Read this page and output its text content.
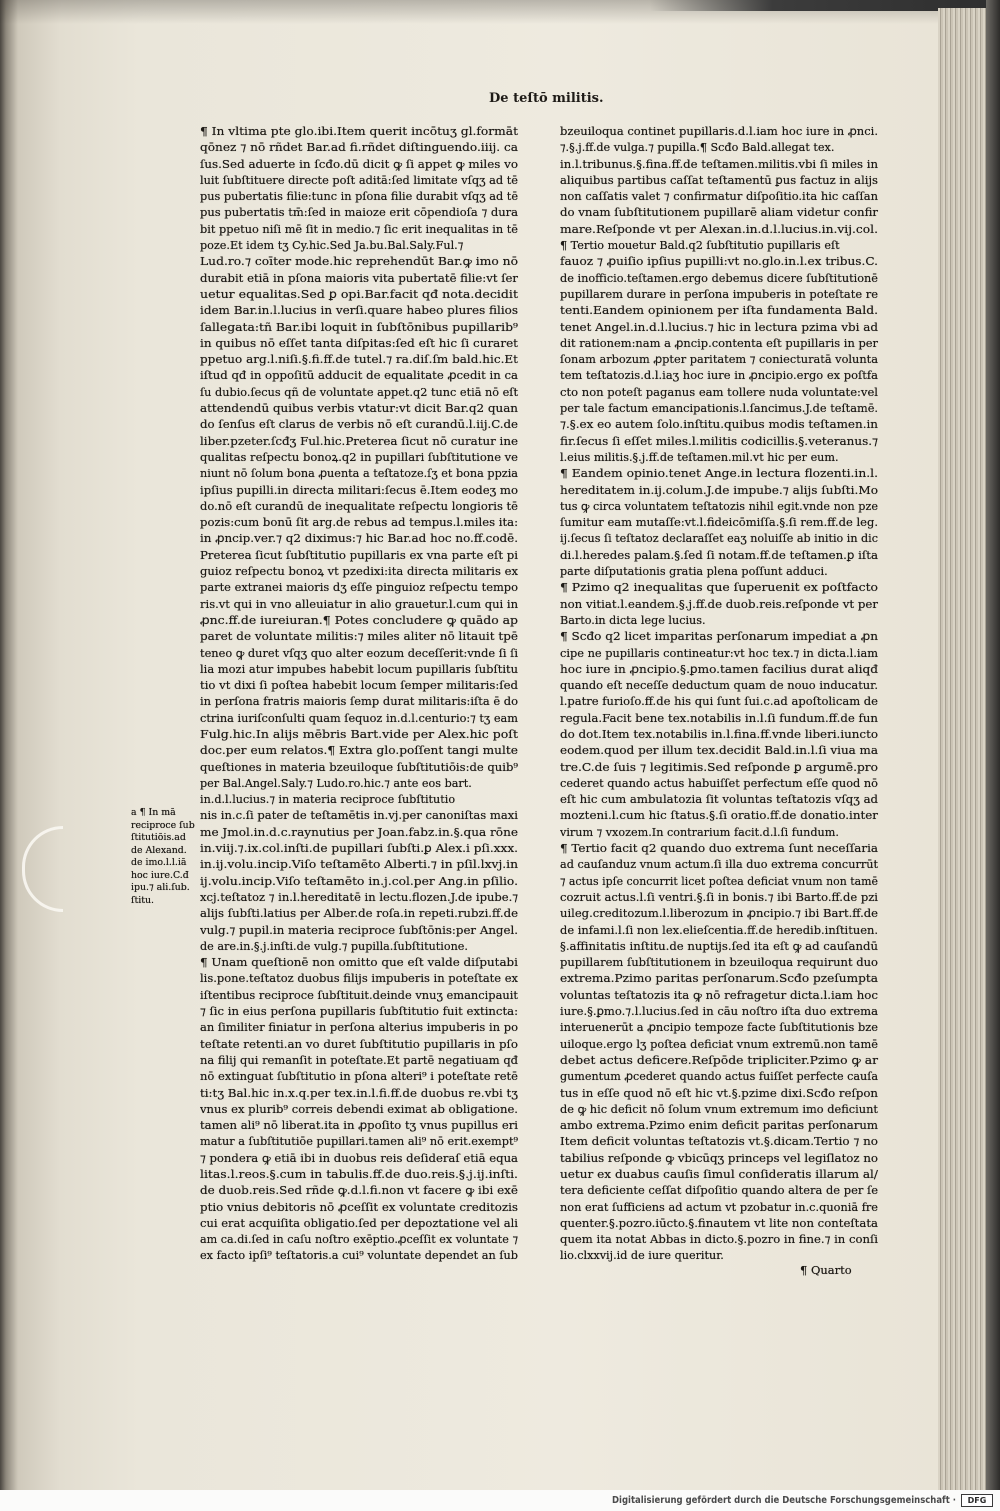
De teſtō militis.
¶ In vltima pte glo.ibi.Item querit incōtuʒ gl.formāt
qōnez ⁊ nō rñdet Bar.ad fi.rñdet diſtinguendo.iiij. ca
ſus.Sed aduerte in ſcđo.dū dicit ꝙ ſi appet ꝙ miles vo
luit ſubſtituere directe poſt aditā:ſed limitate vſqʒ ad tē
pus pubertatis filie:tunc in pſona filie durabit vſqʒ ad tē
pus pubertatis tm̄:ſed in maioze erit cōpendioſa ⁊ dura
bit ppetuo niſi mē ſit in medio.⁊ ſic erit inequalitas in tē
poze.Et idem tʒ Cy.hic.Sed Ja.bu.Bal.Saly.Ful.⁊
Lud.ro.⁊ coīter mode.hic reprehendūt Bar.ꝙ imo nō
durabit etiā in pſona maioris vita pubertatē filie:vt ſer
uetur equalitas.Sed ꝑ opi.Bar.facit qđ nota.decidit
idem Bar.in.l.lucius in verſi.quare habeo plures filios
ſallegata:tñ Bar.ibi loquit in ſubſtōnibus pupillarib⁹
in quibus nō eſſet tanta diſpitas:ſed eſt hic ſi curaret
ppetuo arg.l.niſi.§.fi.ff.de tutel.⁊ ra.diſ.ſm bald.hic.Et
iſtud qđ in oppoſitū adducit de equalitate ꝓcedit in ca
ſu dubio.ſecus qñ de voluntate appet.q2 tunc etiā nō eſt
attendendū quibus verbis vtatur:vt dicit Bar.q2 quan
do ſenſus eſt clarus de verbis nō eſt curandū.l.iij.C.de
liber.pzeter.ſcđʒ Ful.hic.Preterea ſicut nō curatur ine
qualitas reſpectu bonoꝝ.q2 in pupillari ſubſtitutione ve
niunt nō ſolum bona ꝓuenta a teſtatoze.ſʒ et bona ppzia
ipſius pupilli.in directa militari:ſecus ē.Item eodeʒ mo
do.nō eſt curandū de inequalitate reſpectu longioris tē
pozis:cum bonū ſit arg.de rebus ad tempus.l.miles ita:
in ꝓncip.ver.⁊ q2 diximus:⁊ hic Bar.ad hoc no.ff.codē.
Preterea ſicut ſubſtitutio pupillaris ex vna parte eſt pi
guioz reſpectu bonoꝝ vt pzedixi:ita directa militaris ex
parte extranei maioris dʒ eſſe pinguioz reſpectu tempo
ris.vt qui in vno alleuiatur in alio grauetur.l.cum qui in
ꝓnc.ff.de iureiuran.¶ Potes concludere ꝙ quādo ap
paret de voluntate militis:⁊ miles aliter nō litauit tpē
teneo ꝙ duret vſqʒ quo alter eozum deceſſerit:vnde ſi ſi
lia mozi atur impubes habebit locum pupillaris ſubſtitu
tio vt dixi ſi poſtea habebit locum ſemper militaris:ſed
in perſona fratris maioris ſemp durat militaris:iſta ē do
ctrina iuriſconſulti quam ſequoz in.d.l.centurio:⁊ tʒ eam
Fulg.hic.In alijs mēbris Bart.vide per Alex.hic poſt
doc.per eum relatos.¶ Extra glo.poſſent tangi multe
queſtiones in materia bzeuiloque ſubſtitutiōis:de quib⁹
per Bal.Angel.Saly.⁊ Ludo.ro.hic.⁊ ante eos bart.
in.d.l.lucius.⁊ in materia reciproce ſubſtitutio
nis in.c.ſi pater de teſtamētis in.vj.per canoniſtas maxi
me Jmol.in.d.c.raynutius per Joan.fabz.in.§.qua rōne
in.viij.⁊.ix.col.inſti.de pupillari ſubſti.ꝑ Alex.i pſi.xxx.
in.ij.volu.incip.Viſo teſtamēto Alberti.⁊ in pſil.lxvj.in
ij.volu.incip.Viſo teſtamēto in.j.col.per Ang.in pſilio.
xcj.teſtatoz ⁊ in.l.hereditatē in lectu.flozen.J.de ipube.⁊
alijs ſubſti.latius per Alber.de roſa.in repeti.rubzi.ff.de
vulg.⁊ pupil.in materia reciproce ſubſtōnis:per Angel.
de are.in.§.j.inſti.de vulg.⁊ pupilla.ſubſtitutione.
¶ Unam queſtionē non omitto que eſt valde diſputabi
lis.pone.teſtatoz duobus filijs impuberis in poteſtate ex
iſtentibus reciproce ſubſtituit.deinde vnuʒ emancipauit
⁊ ſic in eius perſona pupillaris ſubſtitutio fuit extincta:
an ſimiliter finiatur in perſona alterius impuberis in po
teſtate retenti.an vo duret ſubſtitutio pupillaris in pſo
na filij qui remanſit in poteſtate.Et partē negatiuam qđ
nō extinguat ſubſtitutio in pſona alteri⁹ i poteſtate retē
ti:tʒ Bal.hic in.x.q.per tex.in.l.fi.ff.de duobus re.vbi tʒ
vnus ex plurib⁹ correis debendi eximat ab obligatione.
tamen ali⁹ nō liberat.ita in ꝓpoſito tʒ vnus pupillus eri
matur a ſubſtitutiōe pupillari.tamen ali⁹ nō erit.exempt⁹
⁊ pondera ꝙ etiā ibi in duobus reis deſideraſ etiā equa
litas.l.reos.§.cum in tabulis.ff.de duo.reis.§.j.ij.inſti.
de duob.reis.Sed rñde ꝙ.d.l.fi.non vt facere ꝙ ibi exē
ptio vnius debitoris nō ꝓceſſit ex voluntate creditozis
cui erat acquiſita obligatio.ſed per depoztatione vel ali
am ca.di.ſed in caſu noſtro exēptio.ꝓceſſit ex voluntate ⁊
ex facto ipſi⁹ teſtatoris.a cui⁹ voluntate dependet an ſub
a ¶ In mā
reciproce ſub
ſtitutiōis.ad
de Alexand.
de imo.l.l.iā
hoc iure.C.đ
ipu.⁊ ali.ſub.
ſtitu.
bzeuiloqua continet pupillaris.d.l.iam hoc iure in ꝓnci.
⁊.§.j.ff.de vulga.⁊ pupilla.¶ Scđo Bald.allegat tex.
in.l.tribunus.§.fina.ff.de teſtamen.militis.vbi ſi miles in
aliquibus partibus caſſat teſtamentū ꝑus factuz in alijs
non caſſatis valet ⁊ confirmatur diſpoſitio.ita hic caſſan
do vnam ſubſtitutionem pupillarē aliam videtur confir
mare.Reſponde vt per Alexan.in.d.l.lucius.in.vij.col.
¶ Tertio mouetur Bald.q2 ſubſtitutio pupillaris eſt
fauoz ⁊ ꝓuiſio ipſius pupilli:vt no.glo.in.l.ex tribus.C.
de inofficio.teſtamen.ergo debemus dicere ſubſtitutionē
pupillarem durare in perſona impuberis in poteſtate re
tenti.Eandem opinionem per iſta fundamenta Bald.
tenet Angel.in.d.l.lucius.⁊ hic in lectura pzima vbi ad
dit rationem:nam a ꝓncip.contenta eſt pupillaris in per
ſonam arbozum ꝓpter paritatem ⁊ coniecturatā volunta
tem teſtatozis.d.l.iaʒ hoc iure in ꝓncipio.ergo ex poſtfa
cto non poteſt paganus eam tollere nuda voluntate:vel
per tale factum emancipationis.l.ſancimus.J.de teſtamē.
⁊.§.ex eo autem ſolo.inſtitu.quibus modis teſtamen.in
fir.ſecus ſi eſſet miles.l.militis codicillis.§.veteranus.⁊
l.eius militis.§.j.ff.de teſtamen.mil.vt hic per eum.
¶ Eandem opinio.tenet Ange.in lectura flozenti.in.l.
hereditatem in.ij.colum.J.de impube.⁊ alijs ſubſti.Mo
tus ꝙ circa voluntatem teſtatozis nihil egit.vnde non pze
ſumitur eam mutaſſe:vt.l.fideicōmiſſa.§.ſi rem.ff.de leg.
ij.ſecus ſi teſtatoz declaraſſet eaʒ noluiſſe ab initio in dic
di.l.heredes palam.§.ſed ſi notam.ff.de teſtamen.ꝑ iſta
parte diſputationis gratia plena poſſunt adduci.
¶ Pzimo q2 inequalitas que ſuperuenit ex poſtfacto
non vitiat.l.eandem.§.j.ff.de duob.reis.reſponde vt per
Barto.in dicta lege lucius.
¶ Scđo q2 licet imparitas perſonarum impediat a ꝓn
cipe ne pupillaris contineatur:vt hoc tex.⁊ in dicta.l.iam
hoc iure in ꝓncipio.§.ꝑmo.tamen facilius durat aliqđ
quando eſt neceſſe deductum quam de nouo inducatur.
l.patre furioſo.ff.de his qui ſunt ſui.c.ad apoſtolicam de
regula.Facit bene tex.notabilis in.l.ſi fundum.ff.de fun
do dot.Item tex.notabilis in.l.fina.ff.vnde liberi.iuncto
eodem.quod per illum tex.decidit Bald.in.l.ſi viua ma
tre.C.de ſuis ⁊ legitimis.Sed reſponde ꝑ argumē.pro
cederet quando actus habuiſſet perfectum eſſe quod nō
eſt hic cum ambulatozia ſit voluntas teſtatozis vſqʒ ad
mozteni.l.cum hic ſtatus.§.ſi oratio.ff.de donatio.inter
virum ⁊ vxozem.In contrarium facit.d.l.ſi fundum.
¶ Tertio facit q2 quando duo extrema ſunt neceſſaria
ad cauſanduz vnum actum.ſi illa duo extrema concurrūt
⁊ actus ipſe concurrit licet poſtea deficiat vnum non tamē
cozruit actus.l.ſi ventri.§.ſi in bonis.⁊ ibi Barto.ff.de pzi
uileg.creditozum.l.liberozum in ꝓncipio.⁊ ibi Bart.ff.de
de infami.l.ſi non lex.elieſcentia.ff.de heredib.inſtituen.
§.affinitatis inſtitu.de nuptijs.ſed ita eſt ꝙ ad cauſandū
pupillarem ſubſtitutionem in bzeuiloqua requirunt duo
extrema.Pzimo paritas perſonarum.Scđo pzeſumpta
voluntas teſtatozis ita ꝙ nō refragetur dicta.l.iam hoc
iure.§.ꝑmo.⁊.l.lucius.ſed in cāu noſtro iſta duo extrema
interuenerūt a ꝓncipio tempoze facte ſubſtitutionis bze
uiloque.ergo lʒ poſtea deficiat vnum extremū.non tamē
debet actus deficere.Reſpōde tripliciter.Pzimo ꝙ ar
gumentum ꝓcederet quando actus fuiſſet perfecte cauſa
tus in eſſe quod nō eſt hic vt.§.pzime dixi.Scđo reſpon
de ꝙ hic deficit nō ſolum vnum extremum imo deficiunt
ambo extrema.Pzimo enim deficit paritas perſonarum
Item deficit voluntas teſtatozis vt.§.dicam.Tertio ⁊ no
tabilius reſponde ꝙ vbicūqʒ princeps vel legiſlatoz no
uetur ex duabus cauſis ſimul conſideratis illarum al/
tera deficiente ceſſat diſpoſitio quando altera de per ſe
non erat ſufficiens ad actum vt pzobatur in.c.quoniā fre
quenter.§.pozro.iūcto.§.finautem vt lite non conteſtata
quem ita notat Abbas in dicto.§.pozro in fine.⁊ in conſi
lio.clxxvij.id de iure queritur.
¶ Quarto
Digitalisierung gefördert durch die Deutsche Forschungsgemeinschaft ·	DFG
